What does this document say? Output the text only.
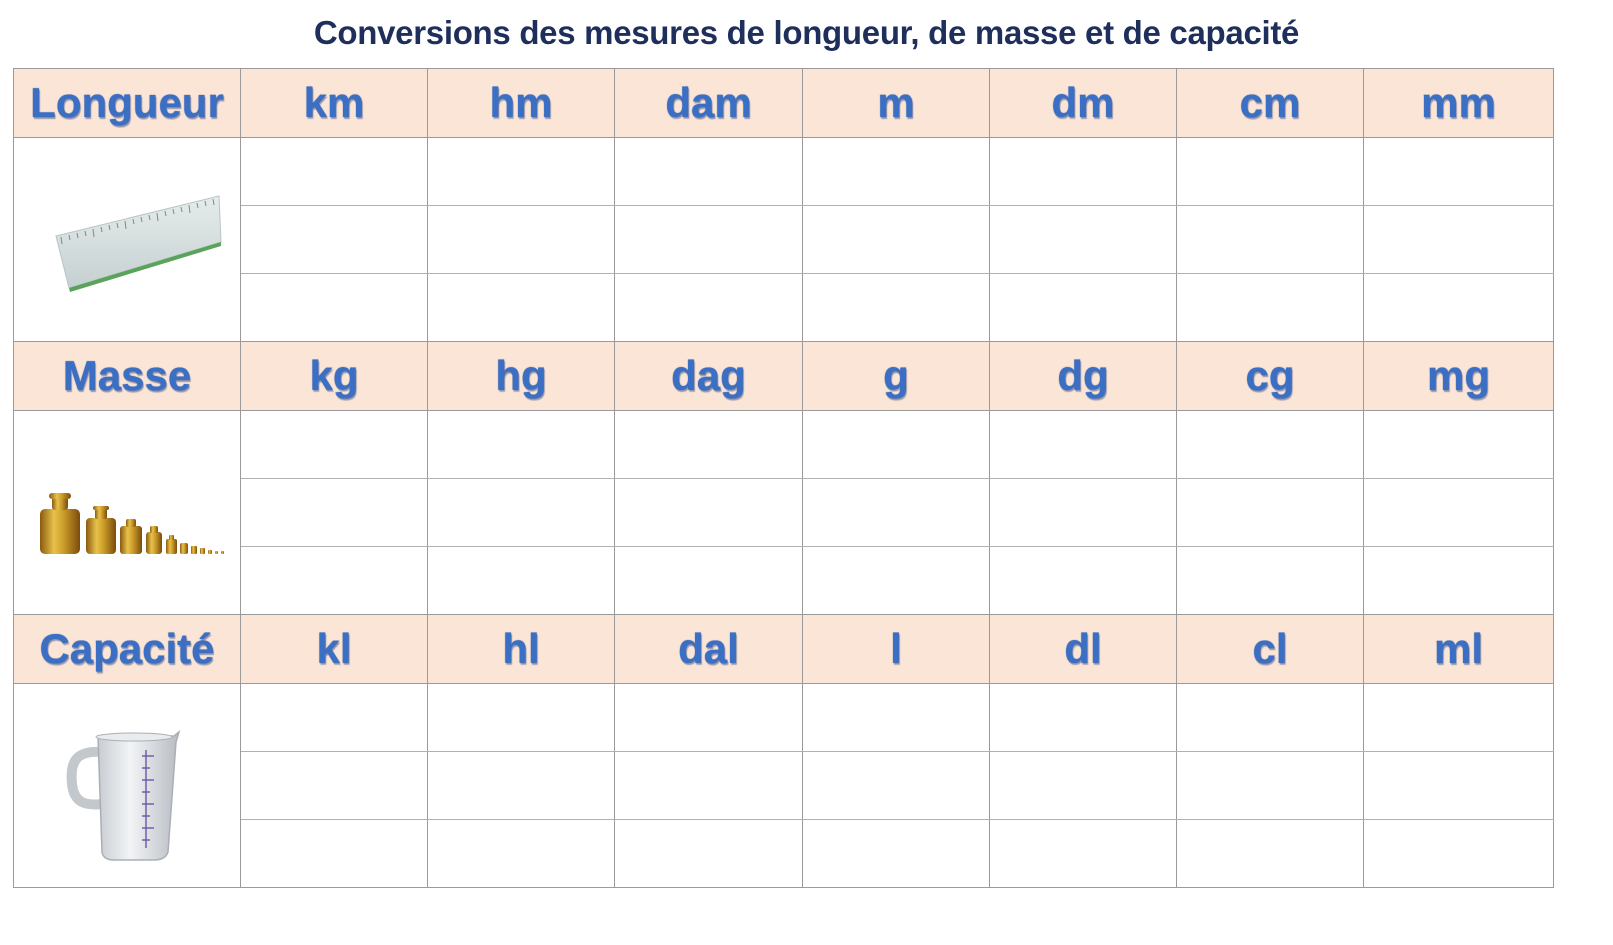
Conversions des mesures de longueur, de masse et de capacité
Longueur	km	hm	dam	m	dm	cm	mm

Masse	kg	hg	dag	g	dg	cg	mg

Capacité	kl	hl	dal	l	dl	cl	ml
